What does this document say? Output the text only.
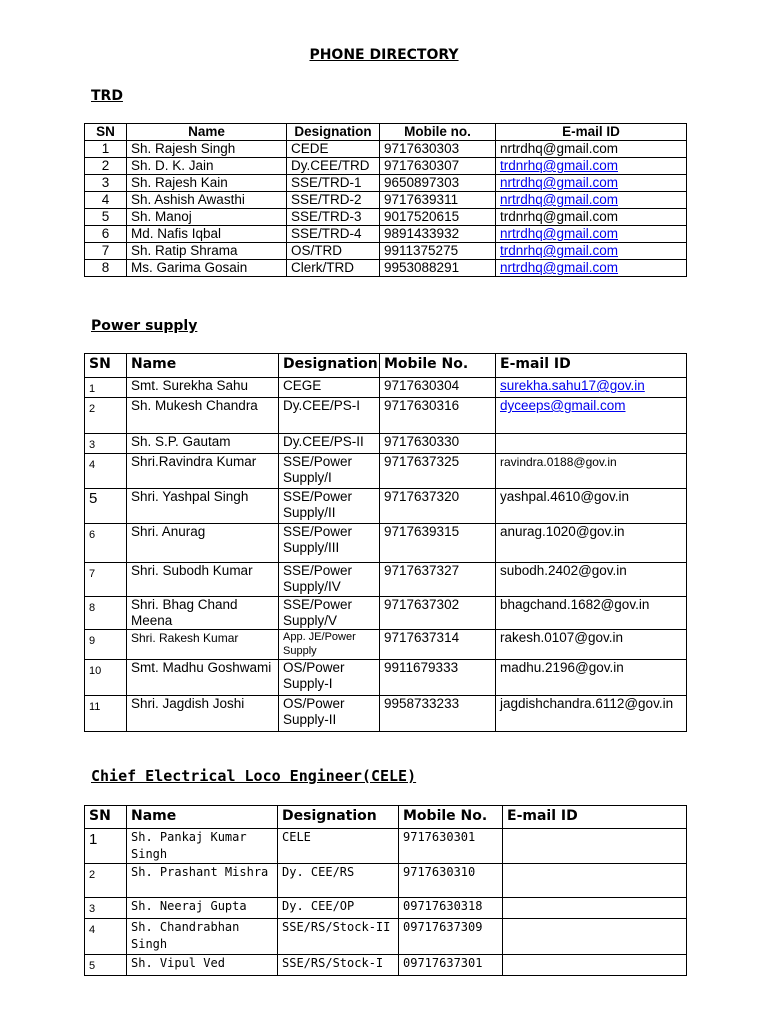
PHONE DIRECTORY
TRD
SN	Name	Designation	Mobile no.	E-mail ID
1	Sh. Rajesh Singh	CEDE	9717630303	nrtrdhq@gmail.com
2	Sh. D. K. Jain	Dy.CEE/TRD	9717630307	trdnrhq@gmail.com
3	Sh. Rajesh Kain	SSE/TRD-1	9650897303	nrtrdhq@gmail.com
4	Sh. Ashish Awasthi	SSE/TRD-2	9717639311	nrtrdhq@gmail.com
5	Sh. Manoj	SSE/TRD-3	9017520615	trdnrhq@gmail.com
6	Md. Nafis Iqbal	SSE/TRD-4	9891433932	nrtrdhq@gmail.com
7	Sh. Ratip Shrama	OS/TRD	9911375275	trdnrhq@gmail.com
8	Ms. Garima Gosain	Clerk/TRD	9953088291	nrtrdhq@gmail.com
Power supply
SN	Name	Designation	Mobile No.	E-mail ID
1	Smt. Surekha Sahu	CEGE	9717630304	surekha.sahu17@gov.in
2	Sh. Mukesh Chandra	Dy.CEE/PS-I	9717630316	dyceeps@gmail.com
3	Sh. S.P. Gautam	Dy.CEE/PS-II	9717630330	
4	Shri.Ravindra Kumar	SSE/Power Supply/I	9717637325	ravindra.0188@gov.in
5	Shri. Yashpal Singh	SSE/Power Supply/II	9717637320	yashpal.4610@gov.in
6	Shri. Anurag	SSE/Power Supply/III	9717639315	anurag.1020@gov.in
7	Shri. Subodh Kumar	SSE/Power Supply/IV	9717637327	subodh.2402@gov.in
8	Shri. Bhag Chand Meena	SSE/Power Supply/V	9717637302	bhagchand.1682@gov.in
9	Shri. Rakesh Kumar	App. JE/Power Supply	9717637314	rakesh.0107@gov.in
10	Smt. Madhu Goshwami	OS/Power Supply-I	9911679333	madhu.2196@gov.in
11	Shri. Jagdish Joshi	OS/Power Supply-II	9958733233	jagdishchandra.6112@gov.in
Chief Electrical Loco Engineer(CELE)
SN	Name	Designation	Mobile No.	E-mail ID
1	Sh. Pankaj Kumar Singh	CELE	9717630301	
2	Sh. Prashant Mishra	Dy. CEE/RS	9717630310	
3	Sh. Neeraj Gupta	Dy. CEE/OP	09717630318	
4	Sh. Chandrabhan Singh	SSE/RS/Stock-II	09717637309	
5	Sh. Vipul Ved	SSE/RS/Stock-I	09717637301	
